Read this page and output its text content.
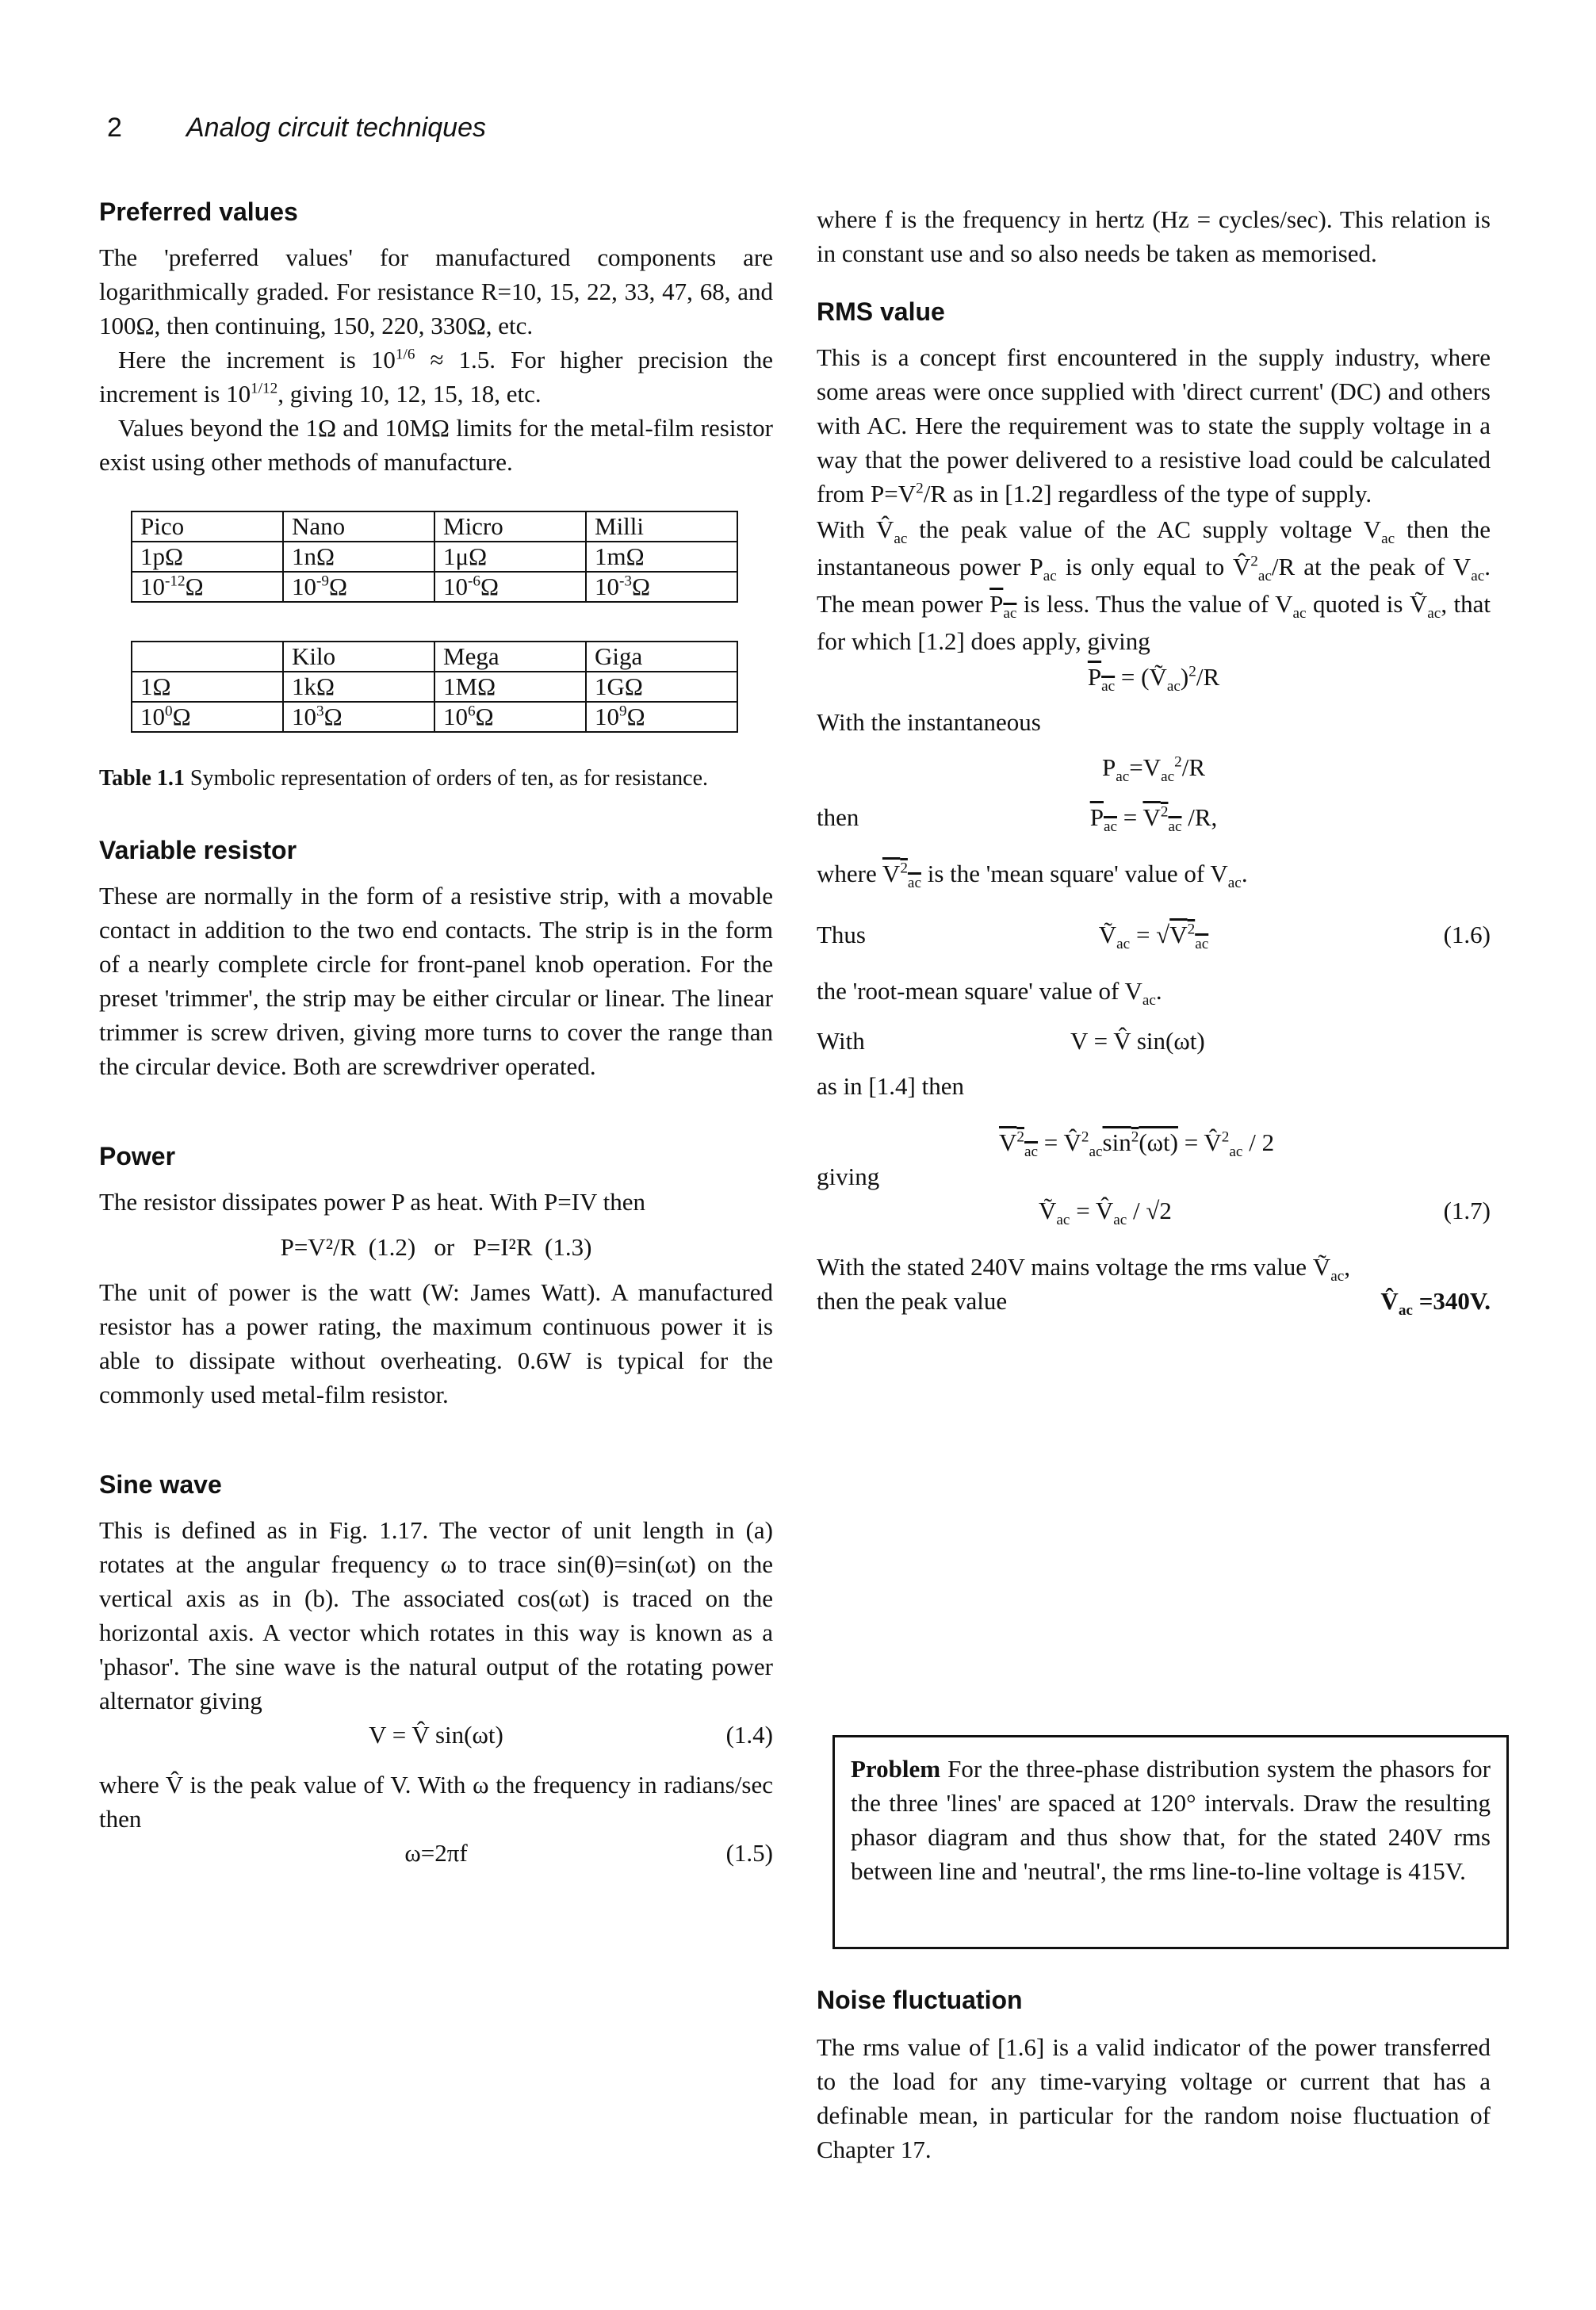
2 Analog circuit techniques
Preferred values

The 'preferred values' for manufactured components are logarithmically graded. For resistance R=10, 15, 22, 33, 47, 68, and 100Ω, then continuing, 150, 220, 330Ω, etc.

Here the increment is $10^{1/6} \approx 1.5$. For higher precision the increment is $10^{1/12}$, giving 10, 12, 15, 18, etc.

Values beyond the 1Ω and 10MΩ limits for the metal-film resistor exist using other methods of manufacture.

Pico	Nano	Micro	Milli
1pΩ	1nΩ	1μΩ	1mΩ
$10^{-12}\Omega$	$10^{-9}\Omega$	$10^{-6}\Omega$	$10^{-3}\Omega$
	Kilo	Mega	Giga
1Ω	1kΩ	1MΩ	1GΩ
$10^0\Omega$	$10^3\Omega$	$10^6\Omega$	$10^9\Omega$
Table 1.1 Symbolic representation of orders of ten, as for resistance.
Variable resistor

These are normally in the form of a resistive strip, with a movable contact in addition to the two end contacts. The strip is in the form of a nearly complete circle for front-panel knob operation. For the preset 'trimmer', the strip may be either circular or linear. The linear trimmer is screw driven, giving more turns to cover the range than the circular device. Both are screwdriver operated.

Power

The resistor dissipates power P as heat. With P=IV then

P=V²/R  (1.2)   or   P=I²R  (1.3)

The unit of power is the watt (W: James Watt). A manufactured resistor has a power rating, the maximum continuous power it is able to dissipate without overheating. 0.6W is typical for the commonly used metal-film resistor.

Sine wave

This is defined as in Fig. 1.17. The vector of unit length in (a) rotates at the angular frequency ω to trace sin(θ)=sin(ωt) on the vertical axis as in (b). The associated cos(ωt) is traced on the horizontal axis. A vector which rotates in this way is known as a 'phasor'. The sine wave is the natural output of the rotating power alternator giving

V = V̂ sin(ωt)	(1.4)

where V̂ is the peak value of V. With ω the frequency in radians/sec then

ω=2πf	(1.5)

where f is the frequency in hertz (Hz = cycles/sec). This relation is in constant use and so also needs be taken as memorised.

RMS value

This is a concept first encountered in the supply industry, where some areas were once supplied with 'direct current' (DC) and others with AC. Here the requirement was to state the supply voltage in a way that the power delivered to a resistive load could be calculated from $P=V^2/R$ as in [1.2] regardless of the type of supply.

With $V̂_{ac}$ the peak value of the AC supply voltage $V_{ac}$ then the instantaneous power $P_{ac}$ is only equal to V̂$^2_{ac}$/R at the peak of $V_{ac}$. The mean power $P_{ac}$ is less. Thus the value of $V_{ac}$ quoted is Ṽ$_{ac}$, that for which [1.2] does apply, giving

$P_{ac}$ = (Ṽ$_{ac}$)$^2$/R

With the instantaneous

$P_{ac}=V_{ac}^2/R$
then	$P_{ac} = V^2_{ac}$ /R,

where $V^2_{ac}$ is the 'mean square' value of $V_{ac}$.

Thus	Ṽ$_{ac}$ = $√V^2_{ac}$	(1.6)

the 'root-mean square' value of $V_{ac}$.

With	V = V̂ sin(ωt)

as in [1.4] then

$V^2_{ac}$ = $V̂^2_{ac}\sin^2(\omega t)$ = V̂$^2_{ac}$ / 2
giving
Ṽ$_{ac}$ = $V̂_{ac} / √2$	(1.7)

With the stated 240V mains voltage the rms value Ṽ$_{ac}$,

then the peak value	$V̂_{ac} =340V$.

Problem For the three-phase distribution system the phasors for the three 'lines' are spaced at 120° intervals. Draw the resulting phasor diagram and thus show that, for the stated 240V rms between line and 'neutral', the rms line-to-line voltage is 415V.

Noise fluctuation

The rms value of [1.6] is a valid indicator of the power transferred to the load for any time-varying voltage or current that has a definable mean, in particular for the random noise fluctuation of Chapter 17.
